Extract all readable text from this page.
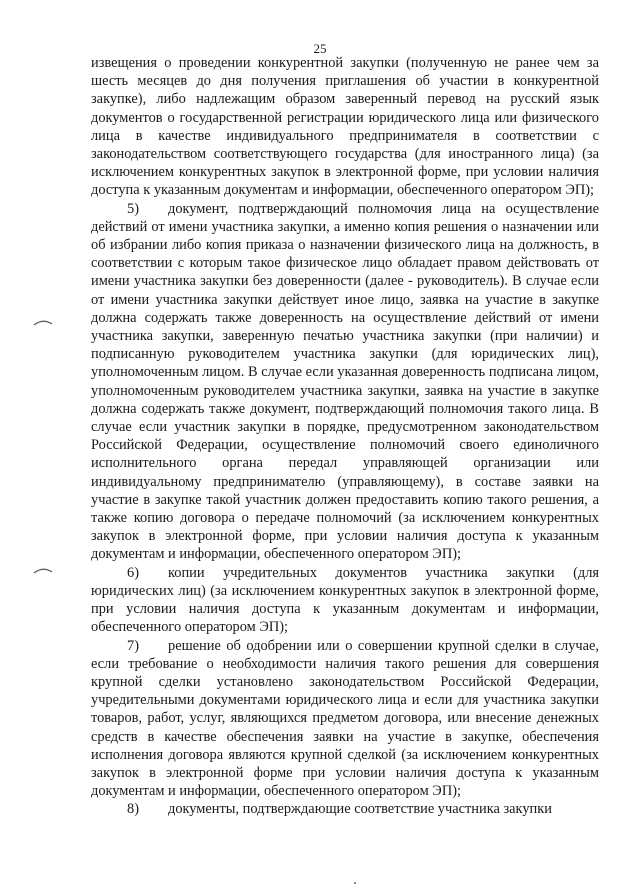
25

извещения о проведении конкурентной закупки (полученную не ранее чем за шесть месяцев до дня получения приглашения об участии в конкурентной закупке), либо надлежащим образом заверенный перевод на русский язык документов о государственной регистрации юридического лица или физического лица в качестве индивидуального предпринимателя в соответствии с законодательством соответствующего государства (для иностранного лица) (за исключением конкурентных закупок в электронной форме, при условии наличия доступа к указанным документам и информации, обеспеченного оператором ЭП);

5) документ, подтверждающий полномочия лица на осуществление действий от имени участника закупки, а именно копия решения о назначении или об избрании либо копия приказа о назначении физического лица на должность, в соответствии с которым такое физическое лицо обладает правом действовать от имени участника закупки без доверенности (далее - руководитель). В случае если от имени участника закупки действует иное лицо, заявка на участие в закупке должна содержать также доверенность на осуществление действий от имени участника закупки, заверенную печатью участника закупки (при наличии) и подписанную руководителем участника закупки (для юридических лиц), уполномоченным лицом. В случае если указанная доверенность подписана лицом, уполномоченным руководителем участника закупки, заявка на участие в закупке должна содержать также документ, подтверждающий полномочия такого лица. В случае если участник закупки в порядке, предусмотренном законодательством Российской Федерации, осуществление полномочий своего единоличного исполнительного органа передал управляющей организации или индивидуальному предпринимателю (управляющему), в составе заявки на участие в закупке такой участник должен предоставить копию такого решения, а также копию договора о передаче полномочий (за исключением конкурентных закупок в электронной форме, при условии наличия доступа к указанным документам и информации, обеспеченного оператором ЭП);

6) копии учредительных документов участника закупки (для юридических лиц) (за исключением конкурентных закупок в электронной форме, при условии наличия доступа к указанным документам и информации, обеспеченного оператором ЭП);

7) решение об одобрении или о совершении крупной сделки в случае, если требование о необходимости наличия такого решения для совершения крупной сделки установлено законодательством Российской Федерации, учредительными документами юридического лица и если для участника закупки товаров, работ, услуг, являющихся предметом договора, или внесение денежных средств в качестве обеспечения заявки на участие в закупке, обеспечения исполнения договора являются крупной сделкой (за исключением конкурентных закупок в электронной форме при условии наличия доступа к указанным документам и информации, обеспеченного оператором ЭП);

8) документы, подтверждающие соответствие участника закупки
